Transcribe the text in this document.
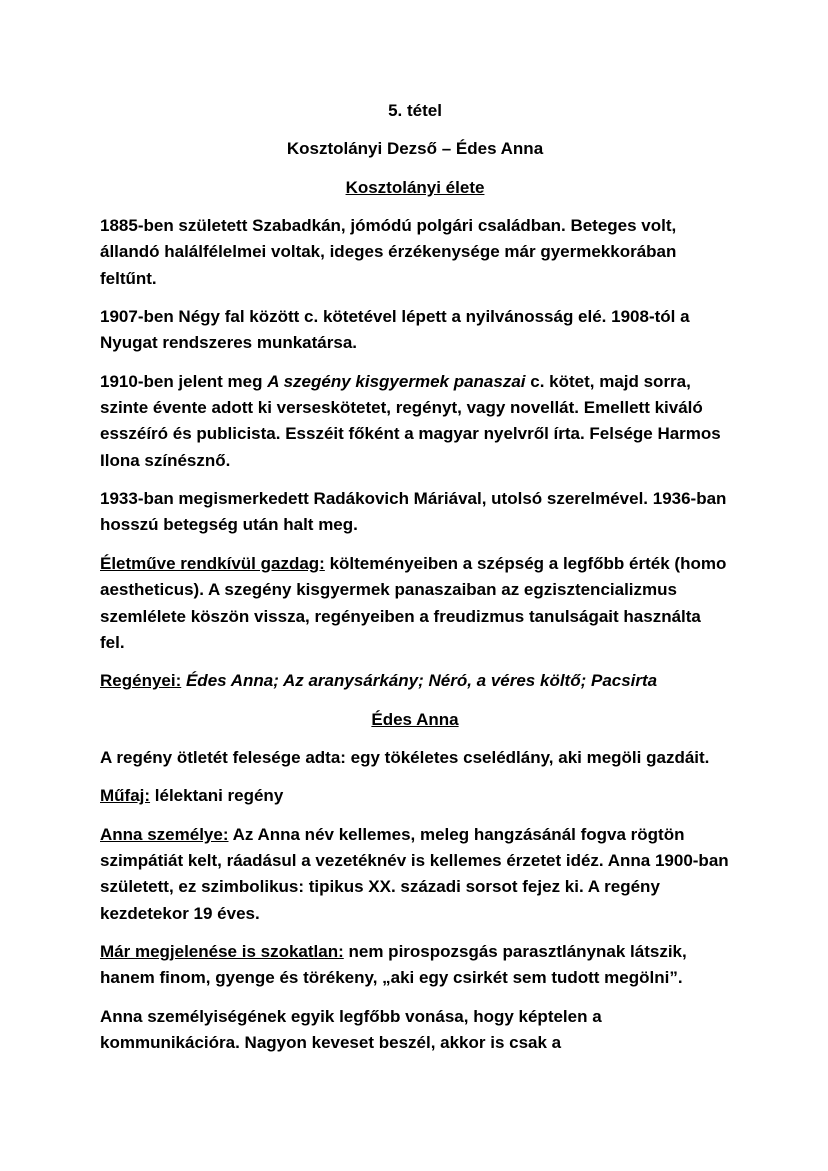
5. tétel
Kosztolányi Dezső – Édes Anna
Kosztolányi élete

1885-ben született Szabadkán, jómódú polgári családban. Beteges volt, állandó halálfélelmei voltak, ideges érzékenysége már gyermekkorában feltűnt.

1907-ben Négy fal között c. kötetével lépett a nyilvánosság elé. 1908-tól a Nyugat rendszeres munkatársa.

1910-ben jelent meg A szegény kisgyermek panaszai c. kötet, majd sorra, szinte évente adott ki verseskötetet, regényt, vagy novellát. Emellett kiváló esszéíró és publicista. Esszéit főként a magyar nyelvről írta. Felsége Harmos Ilona színésznő.

1933-ban megismerkedett Radákovich Máriával, utolsó szerelmével. 1936-ban hosszú betegség után halt meg.

Életműve rendkívül gazdag: költeményeiben a szépség a legfőbb érték (homo aestheticus). A szegény kisgyermek panaszaiban az egzisztencializmus szemlélete köszön vissza, regényeiben a freudizmus tanulságait használta fel.

Regényei: Édes Anna; Az aranysárkány; Néró, a véres költő; Pacsirta

Édes Anna

A regény ötletét felesége adta: egy tökéletes cselédlány, aki megöli gazdáit.

Műfaj: lélektani regény

Anna személye: Az Anna név kellemes, meleg hangzásánál fogva rögtön szimpátiát kelt, ráadásul a vezetéknév is kellemes érzetet idéz. Anna 1900-ban született, ez szimbolikus: tipikus XX. századi sorsot fejez ki. A regény kezdetekor 19 éves.

Már megjelenése is szokatlan: nem pirospozsgás parasztlánynak látszik, hanem finom, gyenge és törékeny, „aki egy csirkét sem tudott megölni”.

Anna személyiségének egyik legfőbb vonása, hogy képtelen a kommunikációra. Nagyon keveset beszél, akkor is csak a
